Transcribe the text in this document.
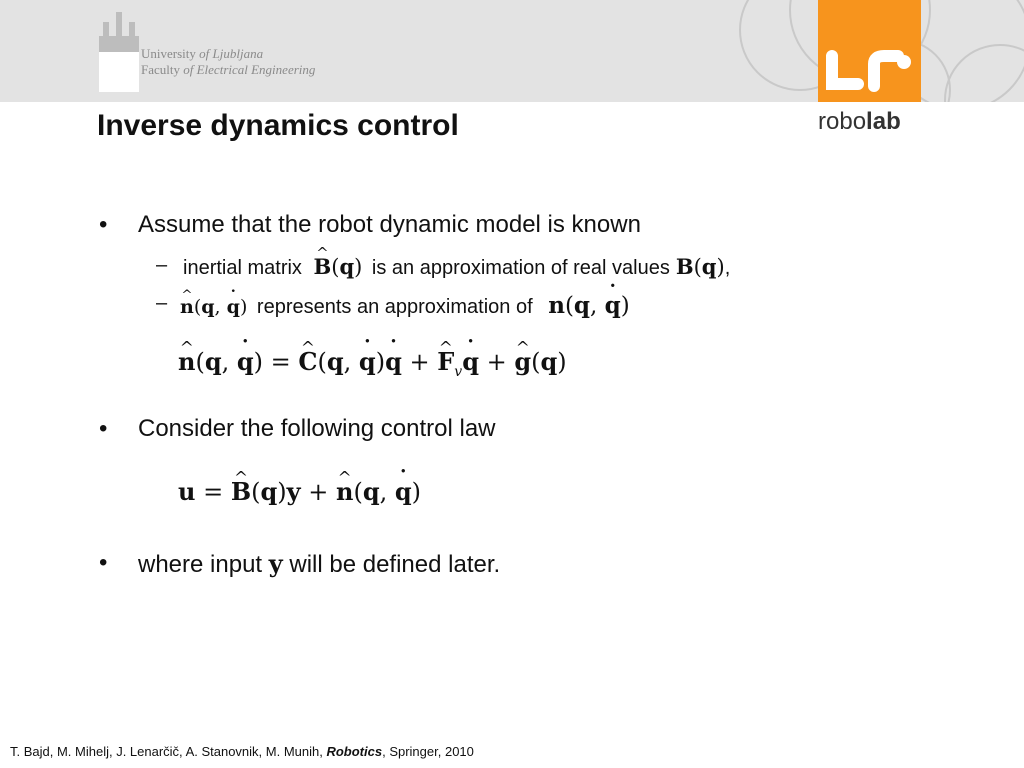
University of Ljubljana
Faculty of Electrical Engineering
robolab
Inverse dynamics control
• Assume that the robot dynamic model is known
– inertial matrix ^ B(q) is an approximation of real values B(q),
– ^ n(q, ˙ q) represents an approximation of n(q, ˙ q)
^ n(q, ˙ q) = ^ C(q, ˙ q)˙ q + ^ $F_v˙$ q + ^ g(q)
• Consider the following control law
u = ^ B(q)y + ^ n(q, ˙ q)
• where input y will be defined later.
T. Bajd, M. Mihelj, J. Lenarčič, A. Stanovnik, M. Munih, Robotics, Springer, 2010
